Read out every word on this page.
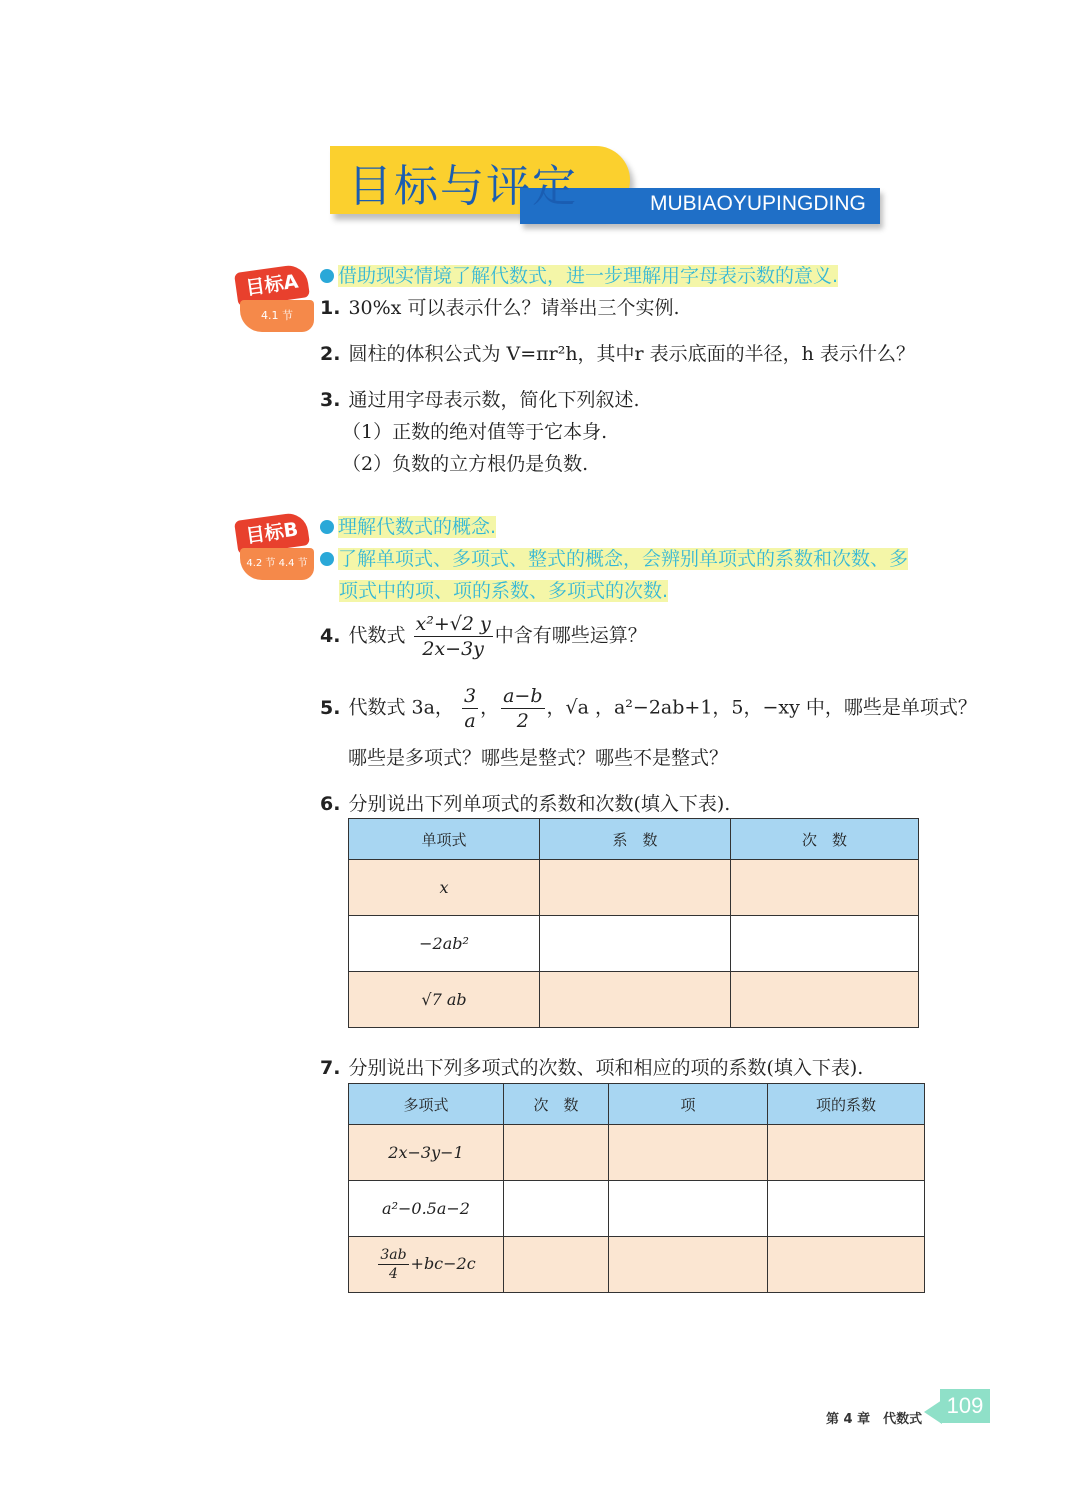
目标与评定	MUBIAOYUPINGDING
目标A
4.1 节
借助现实情境了解代数式，进一步理解用字母表示数的意义.
1. 30%x 可以表示什么？请举出三个实例.
2. 圆柱的体积公式为 V=πr²h，其中r 表示底面的半径，h 表示什么？
3. 通过用字母表示数，简化下列叙述.
（1）正数的绝对值等于它本身.
（2）负数的立方根仍是负数.
目标B
4.2 节 4.4 节
理解代数式的概念.
了解单项式、多项式、整式的概念，会辨别单项式的系数和次数、多
项式中的项、项的系数、多项式的次数.
4. 代数式 $\frac{\text{x²+√2 y}}{2x-3y}$ 中含有哪些运算？
5. 代数式 3a， $\frac{3}{a}$ ， $\frac{a-b}{2}$ ，√a ，a²−2ab+1，5，−xy 中，哪些是单项式？
哪些是多项式？哪些是整式？哪些不是整式？
6. 分别说出下列单项式的系数和次数(填入下表).
单项式	系　数	次　数
x		
−2ab²		
√7 ab		
7. 分别说出下列多项式的次数、项和相应的项的系数(填入下表).
多项式	次　数	项	项的系数
2x−3y−1			
a²−0.5a−2			

$\frac{3ab}{4} +bc-2c$			
第 4 章　代数式
109
